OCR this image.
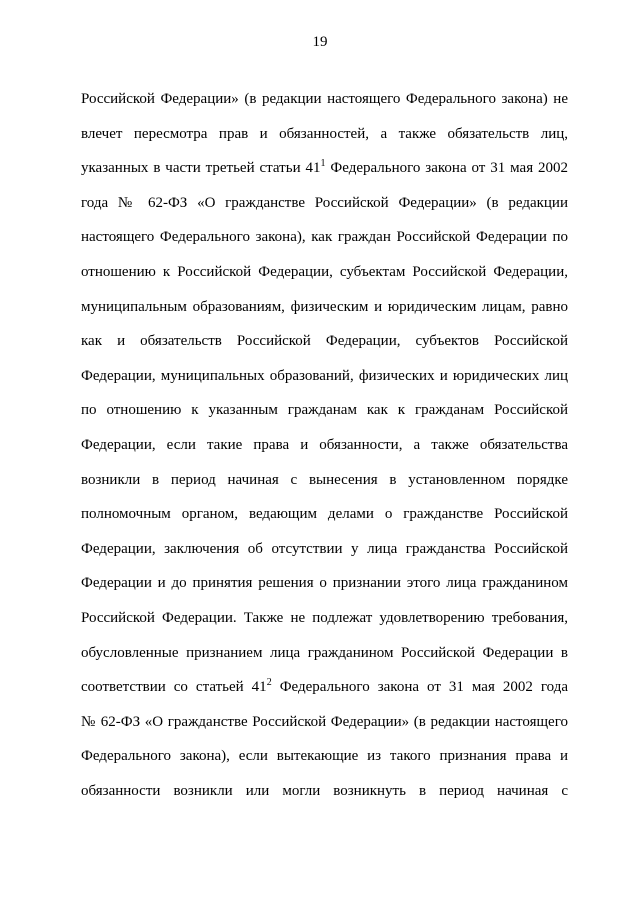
19
Российской Федерации» (в редакции настоящего Федерального закона) не
влечет пересмотра прав и обязанностей, а также обязательств лиц,
указанных в части третьей статьи $41^1$ Федерального закона от 31 мая 2002
года № 62-ФЗ «О гражданстве Российской Федерации» (в редакции
настоящего Федерального закона), как граждан Российской Федерации по
отношению к Российской Федерации, субъектам Российской Федерации,
муниципальным образованиям, физическим и юридическим лицам, равно
как и обязательств Российской Федерации, субъектов Российской
Федерации, муниципальных образований, физических и юридических лиц
по отношению к указанным гражданам как к гражданам Российской
Федерации, если такие права и обязанности, а также обязательства
возникли в период начиная с вынесения в установленном порядке
полномочным органом, ведающим делами о гражданстве Российской
Федерации, заключения об отсутствии у лица гражданства Российской
Федерации и до принятия решения о признании этого лица гражданином
Российской Федерации. Также не подлежат удовлетворению требования,
обусловленные признанием лица гражданином Российской Федерации в
соответствии со статьей $41^2$ Федерального закона от 31 мая 2002 года
№ 62-ФЗ «О гражданстве Российской Федерации» (в редакции настоящего
Федерального закона), если вытекающие из такого признания права и
обязанности возникли или могли возникнуть в период начиная с
